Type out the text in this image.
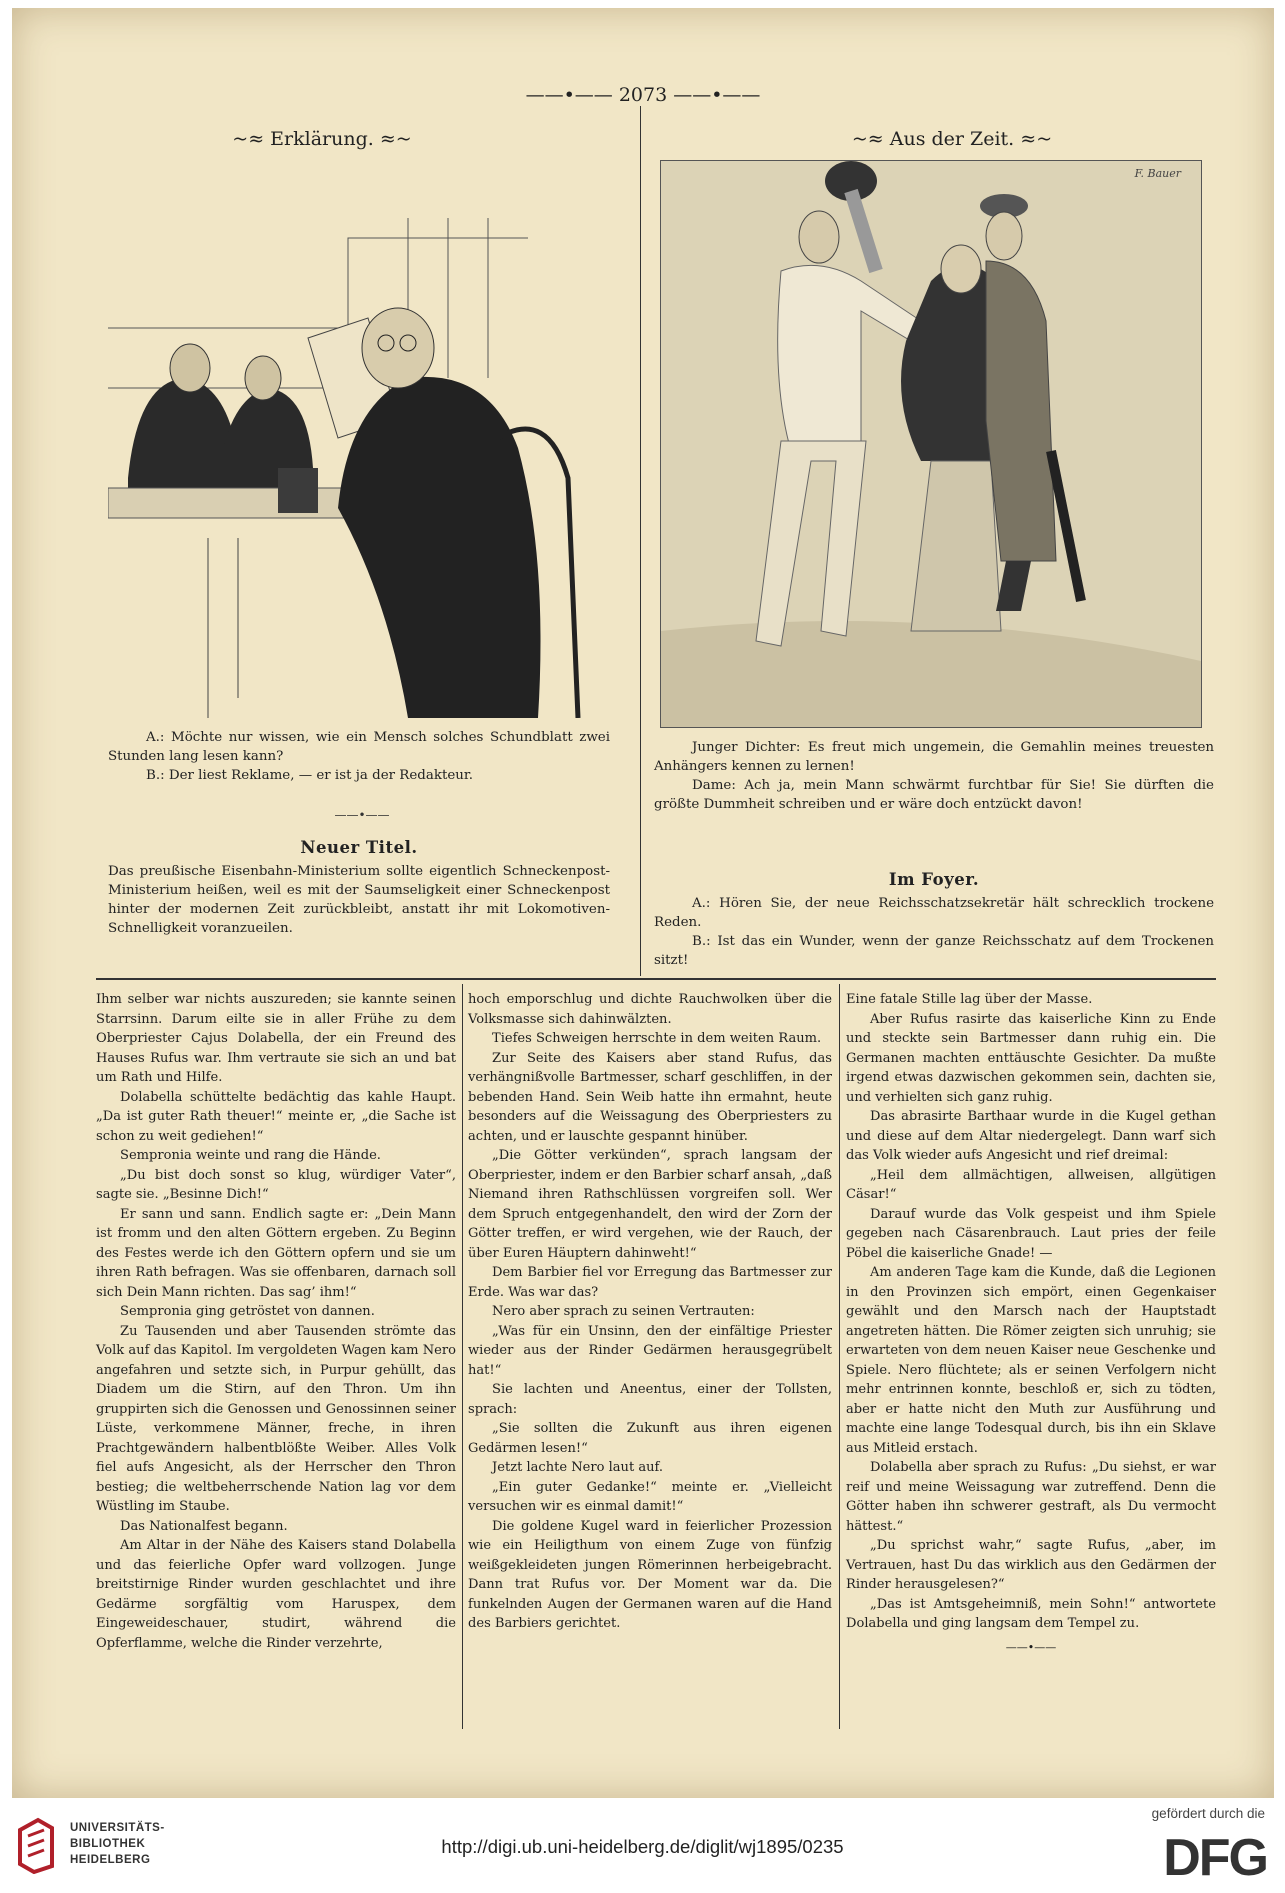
——•—— 2073 ——•——
~≈ Erklärung. ≈~

A.: Möchte nur wissen, wie ein Mensch solches Schundblatt zwei Stunden lang lesen kann?

B.: Der liest Reklame, — er ist ja der Redakteur.

——•——
Neuer Titel.

Das preußische Eisenbahn-Ministerium sollte eigentlich Schneckenpost-Ministerium heißen, weil es mit der Saumseligkeit einer Schneckenpost hinter der modernen Zeit zurückbleibt, anstatt ihr mit Lokomotiven-Schnelligkeit voranzueilen.

~≈ Aus der Zeit. ≈~
F. Bauer

Junger Dichter: Es freut mich ungemein, die Gemahlin meines treuesten Anhängers kennen zu lernen!

Dame: Ach ja, mein Mann schwärmt furchtbar für Sie! Sie dürften die größte Dummheit schreiben und er wäre doch entzückt davon!

Im Foyer.

A.: Hören Sie, der neue Reichsschatzsekretär hält schrecklich trockene Reden.

B.: Ist das ein Wunder, wenn der ganze Reichsschatz auf dem Trockenen sitzt!

Ihm selber war nichts auszureden; sie kannte seinen Starrsinn. Darum eilte sie in aller Frühe zu dem Oberpriester Cajus Dolabella, der ein Freund des Hauses Rufus war. Ihm vertraute sie sich an und bat um Rath und Hilfe.

Dolabella schüttelte bedächtig das kahle Haupt. „Da ist guter Rath theuer!“ meinte er, „die Sache ist schon zu weit gediehen!“

Sempronia weinte und rang die Hände.

„Du bist doch sonst so klug, würdiger Vater“, sagte sie. „Besinne Dich!“

Er sann und sann. Endlich sagte er: „Dein Mann ist fromm und den alten Göttern ergeben. Zu Beginn des Festes werde ich den Göttern opfern und sie um ihren Rath befragen. Was sie offenbaren, darnach soll sich Dein Mann richten. Das sag’ ihm!“

Sempronia ging getröstet von dannen.

Zu Tausenden und aber Tausenden strömte das Volk auf das Kapitol. Im vergoldeten Wagen kam Nero angefahren und setzte sich, in Purpur gehüllt, das Diadem um die Stirn, auf den Thron. Um ihn gruppirten sich die Genossen und Genossinnen seiner Lüste, verkommene Männer, freche, in ihren Prachtgewändern halbentblößte Weiber. Alles Volk fiel aufs Angesicht, als der Herrscher den Thron bestieg; die weltbeherrschende Nation lag vor dem Wüstling im Staube.

Das Nationalfest begann.

Am Altar in der Nähe des Kaisers stand Dolabella und das feierliche Opfer ward vollzogen. Junge breitstirnige Rinder wurden geschlachtet und ihre Gedärme sorgfältig vom Haruspex, dem Eingeweideschauer, studirt, während die Opferflamme, welche die Rinder verzehrte,

hoch emporschlug und dichte Rauchwolken über die Volksmasse sich dahinwälzten.

Tiefes Schweigen herrschte in dem weiten Raum.

Zur Seite des Kaisers aber stand Rufus, das verhängnißvolle Bartmesser, scharf geschliffen, in der bebenden Hand. Sein Weib hatte ihn ermahnt, heute besonders auf die Weissagung des Oberpriesters zu achten, und er lauschte gespannt hinüber.

„Die Götter verkünden“, sprach langsam der Oberpriester, indem er den Barbier scharf ansah, „daß Niemand ihren Rathschlüssen vorgreifen soll. Wer dem Spruch entgegenhandelt, den wird der Zorn der Götter treffen, er wird vergehen, wie der Rauch, der über Euren Häuptern dahinweht!“

Dem Barbier fiel vor Erregung das Bartmesser zur Erde. Was war das?

Nero aber sprach zu seinen Vertrauten:

„Was für ein Unsinn, den der einfältige Priester wieder aus der Rinder Gedärmen herausgegrübelt hat!“

Sie lachten und Aneentus, einer der Tollsten, sprach:

„Sie sollten die Zukunft aus ihren eigenen Gedärmen lesen!“

Jetzt lachte Nero laut auf.

„Ein guter Gedanke!“ meinte er. „Vielleicht versuchen wir es einmal damit!“

Die goldene Kugel ward in feierlicher Prozession wie ein Heiligthum von einem Zuge von fünfzig weißgekleideten jungen Römerinnen herbeigebracht. Dann trat Rufus vor. Der Moment war da. Die funkelnden Augen der Germanen waren auf die Hand des Barbiers gerichtet.

Eine fatale Stille lag über der Masse.

Aber Rufus rasirte das kaiserliche Kinn zu Ende und steckte sein Bartmesser dann ruhig ein. Die Germanen machten enttäuschte Gesichter. Da mußte irgend etwas dazwischen gekommen sein, dachten sie, und verhielten sich ganz ruhig.

Das abrasirte Barthaar wurde in die Kugel gethan und diese auf dem Altar niedergelegt. Dann warf sich das Volk wieder aufs Angesicht und rief dreimal:

„Heil dem allmächtigen, allweisen, allgütigen Cäsar!“

Darauf wurde das Volk gespeist und ihm Spiele gegeben nach Cäsarenbrauch. Laut pries der feile Pöbel die kaiserliche Gnade! —

Am anderen Tage kam die Kunde, daß die Legionen in den Provinzen sich empört, einen Gegenkaiser gewählt und den Marsch nach der Hauptstadt angetreten hätten. Die Römer zeigten sich unruhig; sie erwarteten von dem neuen Kaiser neue Geschenke und Spiele. Nero flüchtete; als er seinen Verfolgern nicht mehr entrinnen konnte, beschloß er, sich zu tödten, aber er hatte nicht den Muth zur Ausführung und machte eine lange Todesqual durch, bis ihn ein Sklave aus Mitleid erstach.

Dolabella aber sprach zu Rufus: „Du siehst, er war reif und meine Weissagung war zutreffend. Denn die Götter haben ihn schwerer gestraft, als Du vermocht hättest.“

„Du sprichst wahr,“ sagte Rufus, „aber, im Vertrauen, hast Du das wirklich aus den Gedärmen der Rinder herausgelesen?“

„Das ist Amtsgeheimniß, mein Sohn!“ antwortete Dolabella und ging langsam dem Tempel zu.

——•——
UNIVERSITÄTS-
BIBLIOTHEK
HEIDELBERG
http://digi.ub.uni-heidelberg.de/diglit/wj1895/0235
gefördert durch die
DFG
